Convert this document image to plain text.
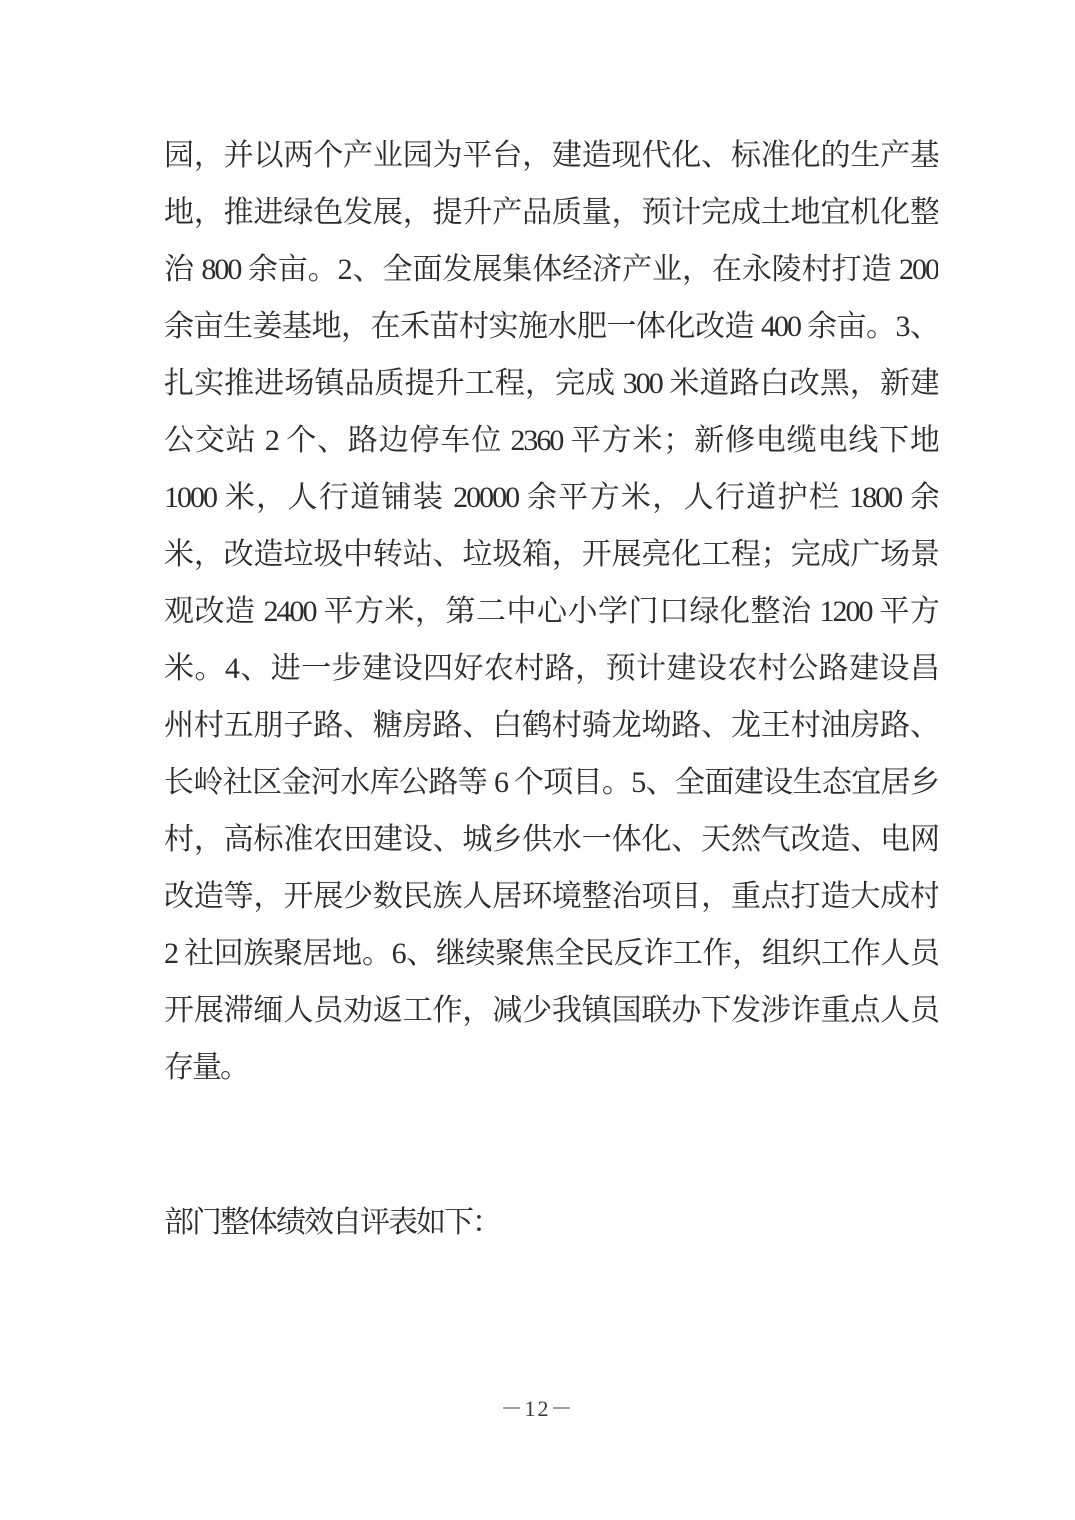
园，并以两个产业园为平台，建造现代化、标准化的生产基
地，推进绿色发展，提升产品质量，预计完成土地宜机化整
治 800 余亩。2、全面发展集体经济产业，在永陵村打造 200
余亩生姜基地，在禾苗村实施水肥一体化改造 400 余亩。3、
扎实推进场镇品质提升工程，完成 300 米道路白改黑，新建
公交站 2 个、路边停车位 2360 平方米；新修电缆电线下地
1000 米，人行道铺装 20000 余平方米，人行道护栏 1800 余
米，改造垃圾中转站、垃圾箱，开展亮化工程；完成广场景
观改造 2400 平方米，第二中心小学门口绿化整治 1200 平方
米。4、进一步建设四好农村路，预计建设农村公路建设昌
州村五朋子路、糖房路、白鹤村骑龙坳路、龙王村油房路、
长岭社区金河水库公路等 6 个项目。5、全面建设生态宜居乡
村，高标准农田建设、城乡供水一体化、天然气改造、电网
改造等，开展少数民族人居环境整治项目，重点打造大成村
2 社回族聚居地。6、继续聚焦全民反诈工作，组织工作人员
开展滞缅人员劝返工作，减少我镇国联办下发涉诈重点人员
存量。
部门整体绩效自评表如下：
－12－
